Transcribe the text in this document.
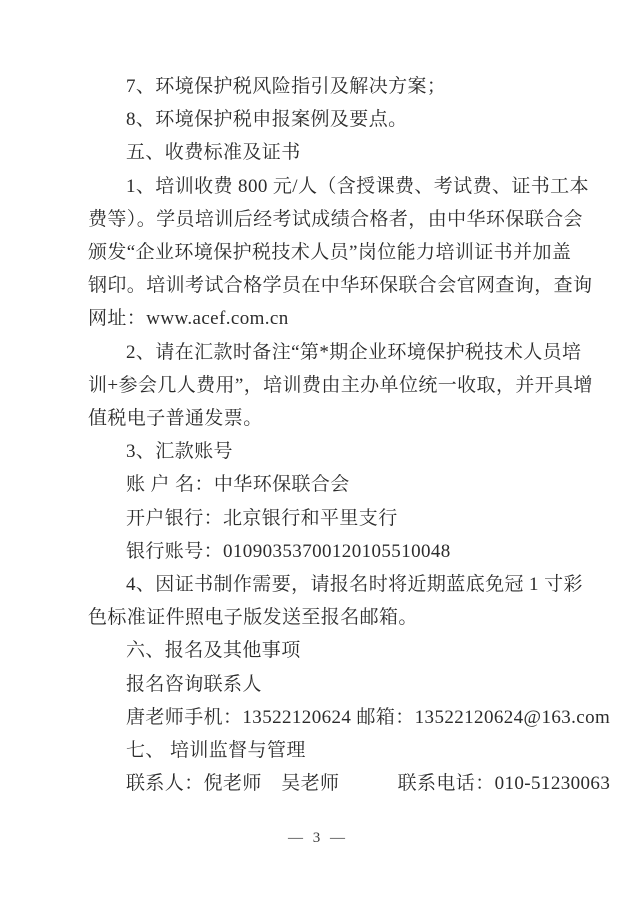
7、环境保护税风险指引及解决方案；

8、环境保护税申报案例及要点。

五、收费标准及证书

1、培训收费 800 元/人（含授课费、考试费、证书工本

费等）。学员培训后经考试成绩合格者，由中华环保联合会

颁发“企业环境保护税技术人员”岗位能力培训证书并加盖

钢印。培训考试合格学员在中华环保联合会官网查询，查询

网址：www.acef.com.cn

2、请在汇款时备注“第*期企业环境保护税技术人员培

训+参会几人费用”，培训费由主办单位统一收取，并开具增

值税电子普通发票。

3、汇款账号

账 户 名：中华环保联合会

开户银行：北京银行和平里支行

银行账号：01090353700120105510048

4、因证书制作需要，请报名时将近期蓝底免冠 1 寸彩

色标准证件照电子版发送至报名邮箱。

六、报名及其他事项

报名咨询联系人

唐老师手机：13522120624 邮箱：13522120624@163.com

七、 培训监督与管理

联系人：倪老师　吴老师　　　联系电话：010-51230063

— 3 —
